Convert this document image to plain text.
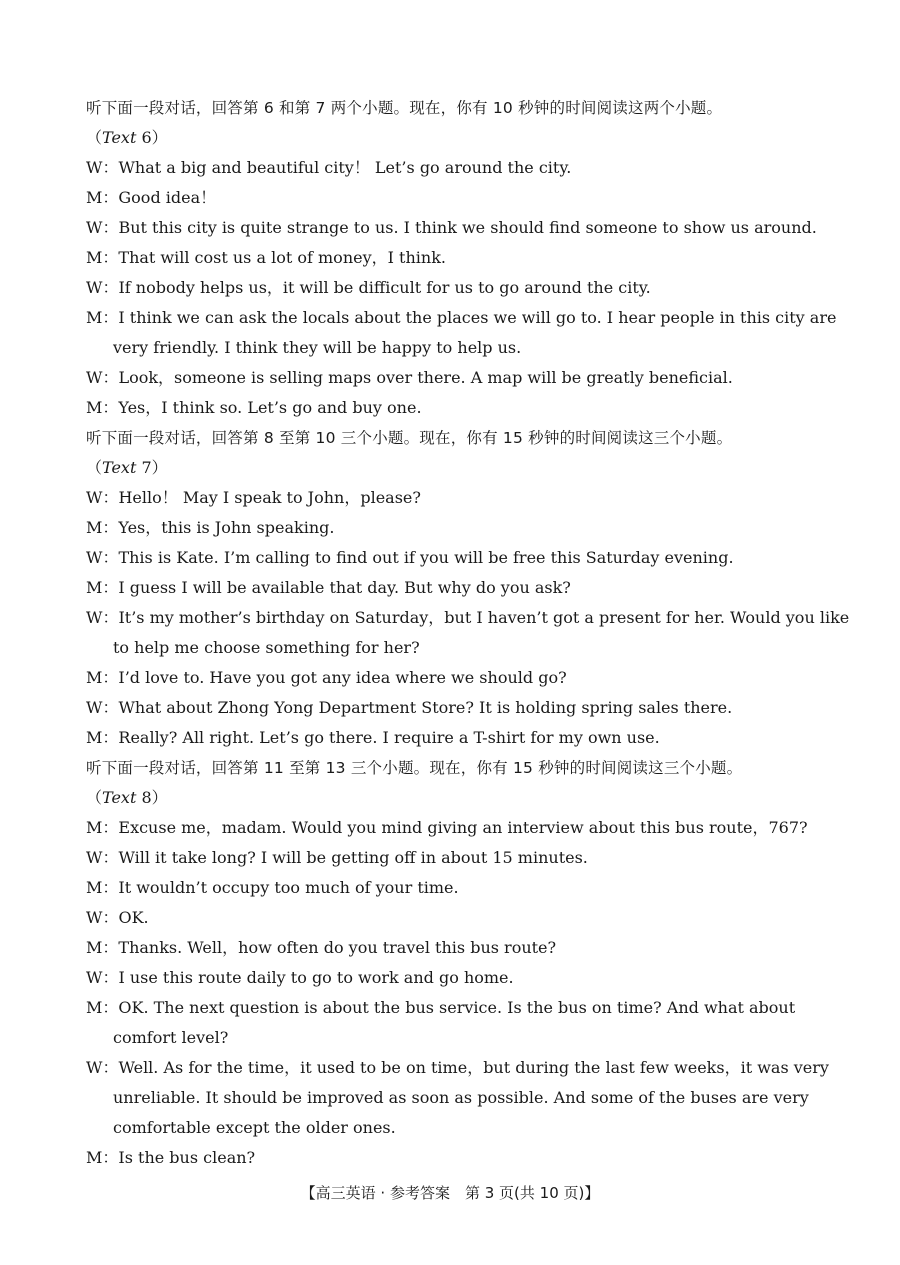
听下面一段对话，回答第 6 和第 7 两个小题。现在，你有 10 秒钟的时间阅读这两个小题。
（Text 6）
W：What a big and beautiful city！ Let’s go around the city.
M：Good idea！
W：But this city is quite strange to us. I think we should find someone to show us around.
M：That will cost us a lot of money，I think.
W：If nobody helps us，it will be difficult for us to go around the city.
M：I think we can ask the locals about the places we will go to. I hear people in this city are
very friendly. I think they will be happy to help us.
W：Look，someone is selling maps over there. A map will be greatly beneficial.
M：Yes，I think so. Let’s go and buy one.
听下面一段对话，回答第 8 至第 10 三个小题。现在，你有 15 秒钟的时间阅读这三个小题。
（Text 7）
W：Hello！ May I speak to John，please?
M：Yes，this is John speaking.
W：This is Kate. I’m calling to find out if you will be free this Saturday evening.
M：I guess I will be available that day. But why do you ask?
W：It’s my mother’s birthday on Saturday，but I haven’t got a present for her. Would you like
to help me choose something for her?
M：I’d love to. Have you got any idea where we should go?
W：What about Zhong Yong Department Store? It is holding spring sales there.
M：Really? All right. Let’s go there. I require a T-shirt for my own use.
听下面一段对话，回答第 11 至第 13 三个小题。现在，你有 15 秒钟的时间阅读这三个小题。
（Text 8）
M：Excuse me，madam. Would you mind giving an interview about this bus route，767?
W：Will it take long? I will be getting off in about 15 minutes.
M：It wouldn’t occupy too much of your time.
W：OK.
M：Thanks. Well，how often do you travel this bus route?
W：I use this route daily to go to work and go home.
M：OK. The next question is about the bus service. Is the bus on time? And what about
comfort level?
W：Well. As for the time，it used to be on time，but during the last few weeks，it was very
unreliable. It should be improved as soon as possible. And some of the buses are very
comfortable except the older ones.
M：Is the bus clean?
【高三英语 · 参考答案　第 3 页(共 10 页)】
